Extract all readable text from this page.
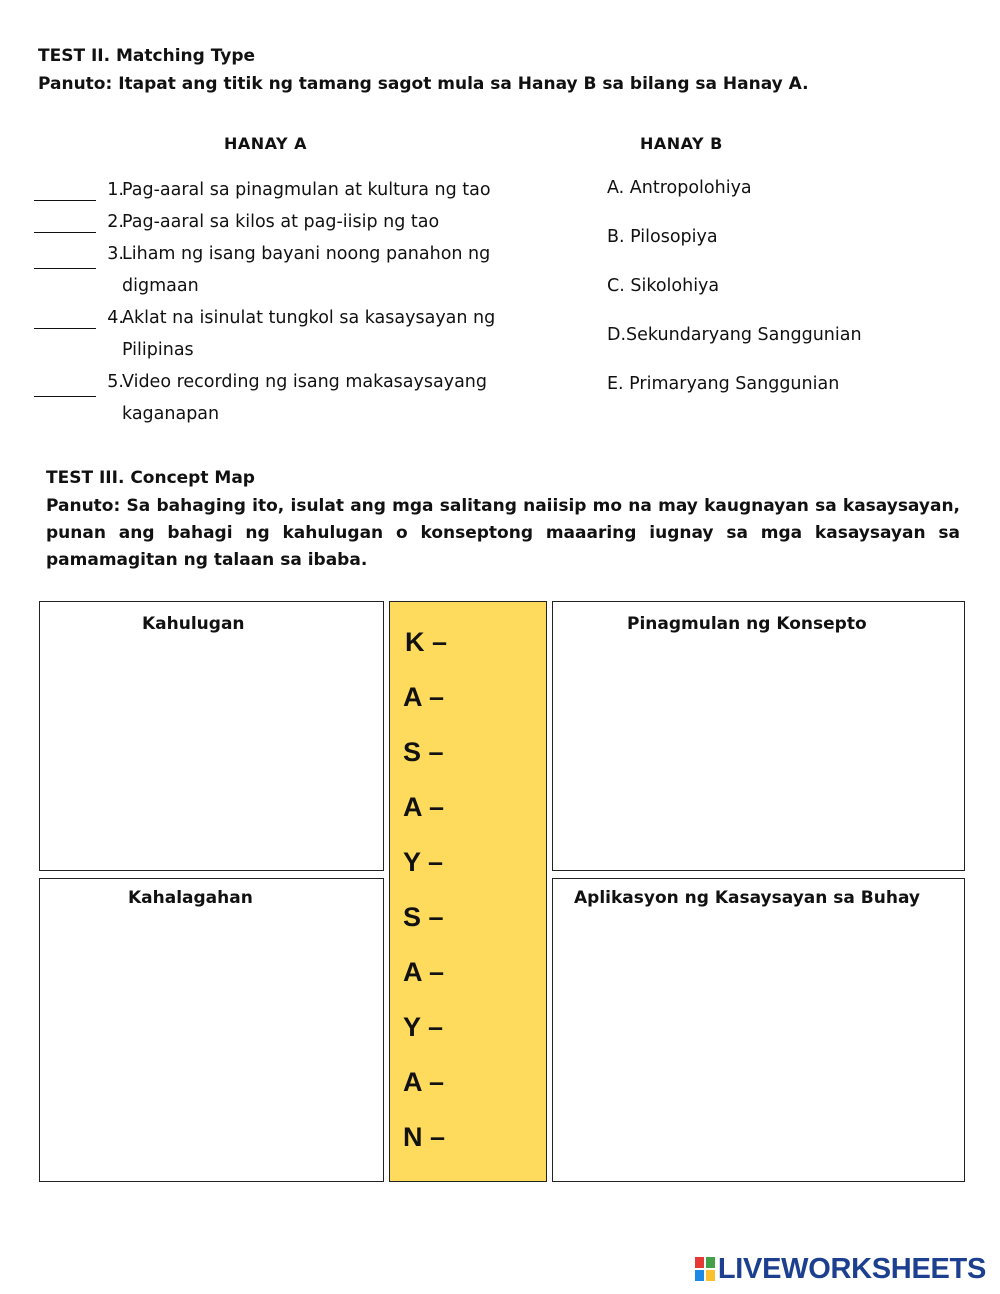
TEST II. Matching Type
Panuto: Itapat ang titik ng tamang sagot mula sa Hanay B sa bilang sa Hanay A.
HANAY A	HANAY B
1.
Pag-aaral sa pinagmulan at kultura ng tao
2.
Pag-aaral sa kilos at pag-iisip ng tao
3.
Liham ng isang bayani noong panahon ng
digmaan
4.
Aklat na isinulat tungkol sa kasaysayan ng
Pilipinas
5.
Video recording ng isang makasaysayang
kaganapan
A. Antropolohiya
B. Pilosopiya
C. Sikolohiya
D.Sekundaryang Sanggunian
E. Primaryang Sanggunian
TEST III. Concept Map
Panuto: Sa bahaging ito, isulat ang mga salitang naiisip mo na may kaugnayan sa kasaysayan, punan ang bahagi ng kahulugan o konseptong maaaring iugnay sa mga kasaysayan sa pamamagitan ng talaan sa ibaba.
Kahulugan
Kahalagahan
Pinagmulan ng Konsepto
Aplikasyon ng Kasaysayan sa Buhay
K –
A –
S –
A –
Y –
S –
A –
Y –
A –
N –
LIVEWORKSHEETS
